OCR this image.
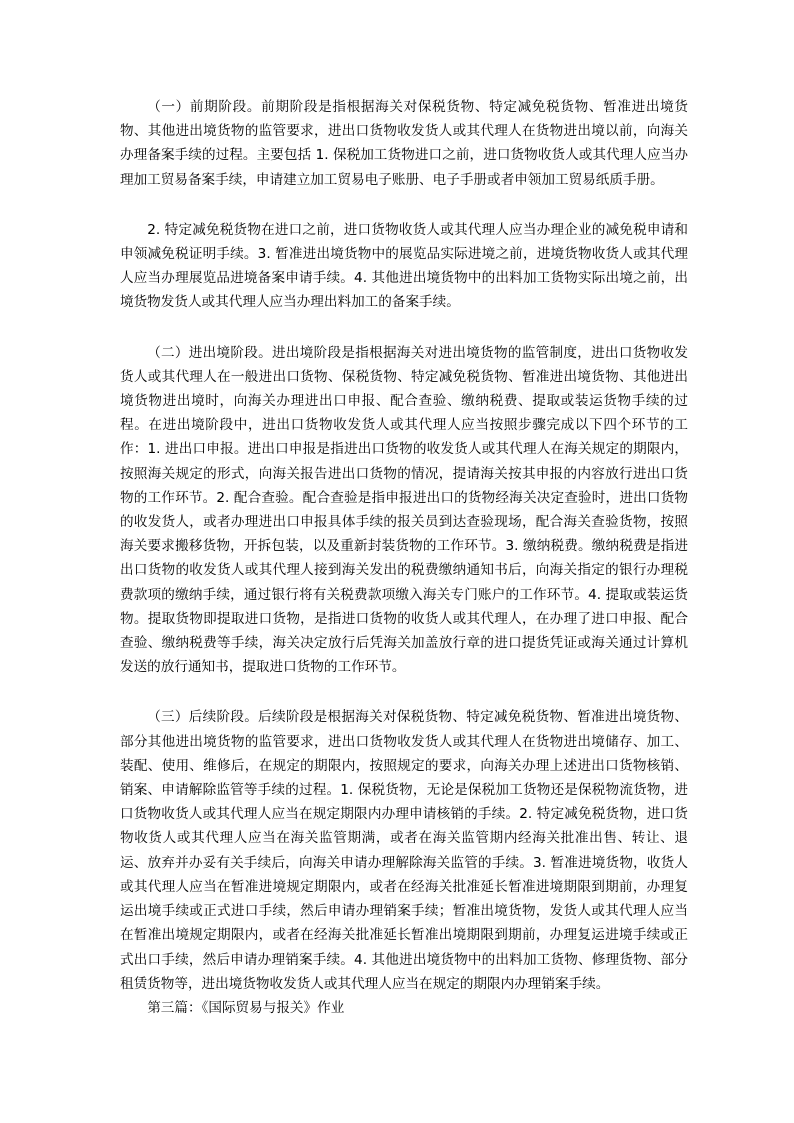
（一）前期阶段。前期阶段是指根据海关对保税货物、特定减免税货物、暂准进出境货物、其他进出境货物的监管要求，进出口货物收发货人或其代理人在货物进出境以前，向海关办理备案手续的过程。主要包括 1. 保税加工货物进口之前，进口货物收货人或其代理人应当办理加工贸易备案手续，申请建立加工贸易电子账册、电子手册或者申领加工贸易纸质手册。

2. 特定减免税货物在进口之前，进口货物收货人或其代理人应当办理企业的减免税申请和申领减免税证明手续。3. 暂准进出境货物中的展览品实际进境之前，进境货物收货人或其代理人应当办理展览品进境备案申请手续。4. 其他进出境货物中的出料加工货物实际出境之前，出境货物发货人或其代理人应当办理出料加工的备案手续。

（二）进出境阶段。进出境阶段是指根据海关对进出境货物的监管制度，进出口货物收发货人或其代理人在一般进出口货物、保税货物、特定减免税货物、暂准进出境货物、其他进出境货物进出境时，向海关办理进出口申报、配合查验、缴纳税费、提取或装运货物手续的过程。在进出境阶段中，进出口货物收发货人或其代理人应当按照步骤完成以下四个环节的工作：1. 进出口申报。进出口申报是指进出口货物的收发货人或其代理人在海关规定的期限内，按照海关规定的形式，向海关报告进出口货物的情况，提请海关按其申报的内容放行进出口货物的工作环节。2. 配合查验。配合查验是指申报进出口的货物经海关决定查验时，进出口货物的收发货人，或者办理进出口申报具体手续的报关员到达查验现场，配合海关查验货物，按照海关要求搬移货物，开拆包装，以及重新封装货物的工作环节。3. 缴纳税费。缴纳税费是指进出口货物的收发货人或其代理人接到海关发出的税费缴纳通知书后，向海关指定的银行办理税费款项的缴纳手续，通过银行将有关税费款项缴入海关专门账户的工作环节。4. 提取或装运货物。提取货物即提取进口货物，是指进口货物的收货人或其代理人，在办理了进口申报、配合查验、缴纳税费等手续，海关决定放行后凭海关加盖放行章的进口提货凭证或海关通过计算机发送的放行通知书，提取进口货物的工作环节。

（三）后续阶段。后续阶段是根据海关对保税货物、特定减免税货物、暂准进出境货物、部分其他进出境货物的监管要求，进出口货物收发货人或其代理人在货物进出境储存、加工、装配、使用、维修后，在规定的期限内，按照规定的要求，向海关办理上述进出口货物核销、销案、申请解除监管等手续的过程。1. 保税货物，无论是保税加工货物还是保税物流货物，进口货物收货人或其代理人应当在规定期限内办理申请核销的手续。2. 特定减免税货物，进口货物收货人或其代理人应当在海关监管期满，或者在海关监管期内经海关批准出售、转让、退运、放弃并办妥有关手续后，向海关申请办理解除海关监管的手续。3. 暂准进境货物，收货人或其代理人应当在暂准进境规定期限内，或者在经海关批准延长暂准进境期限到期前，办理复运出境手续或正式进口手续，然后申请办理销案手续；暂准出境货物，发货人或其代理人应当在暂准出境规定期限内，或者在经海关批准延长暂准出境期限到期前，办理复运进境手续或正式出口手续，然后申请办理销案手续。4. 其他进出境货物中的出料加工货物、修理货物、部分租赁货物等，进出境货物收发货人或其代理人应当在规定的期限内办理销案手续。

第三篇：《国际贸易与报关》作业
